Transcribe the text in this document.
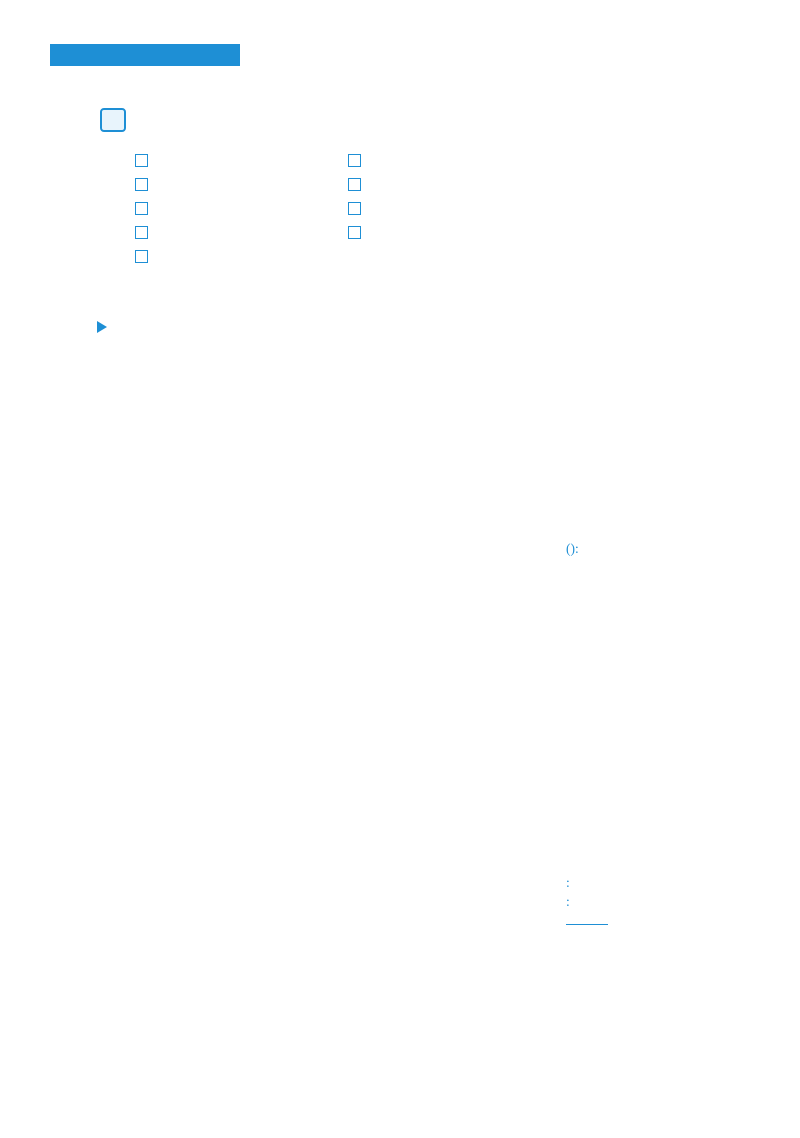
():
:
:
